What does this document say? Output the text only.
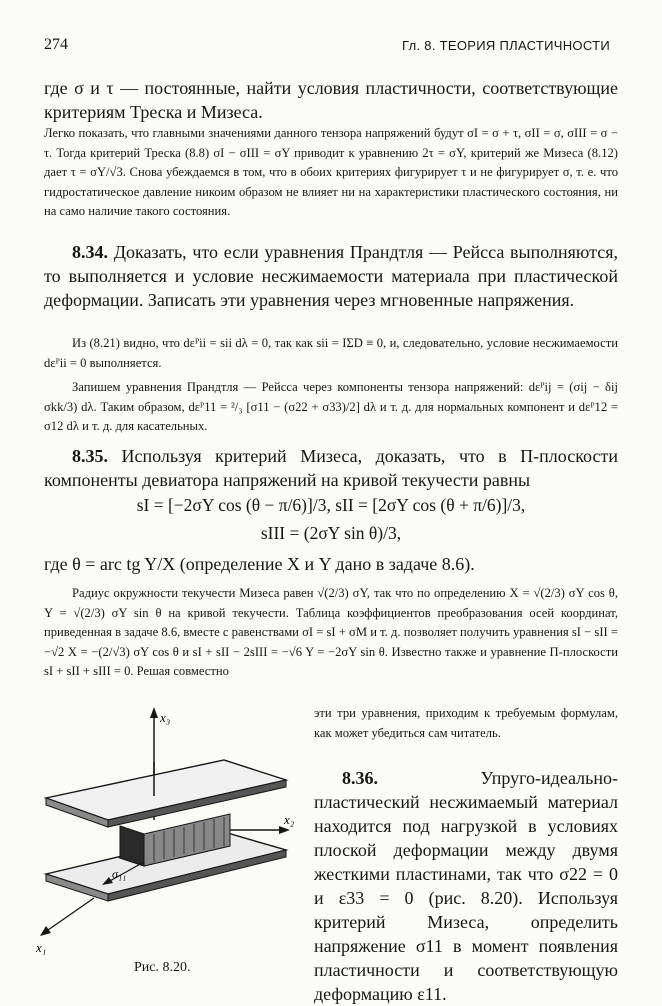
274	Гл. 8. ТЕОРИЯ ПЛАСТИЧНОСТИ

где σ и τ — постоянные, найти условия пластичности, соответствующие критериям Треска и Мизеса.

Легко показать, что главными значениями данного тензора напряжений будут σI = σ + τ, σII = σ, σIII = σ − τ. Тогда критерий Треска (8.8) σI − σIII = σY приводит к уравнению 2τ = σY, критерий же Мизеса (8.12) дает τ = σY/√3. Снова убеждаемся в том, что в обоих критериях фигурирует τ и не фигурирует σ, т. е. что гидростатическое давление никоим образом не влияет ни на характеристики пластического состояния, ни на само наличие такого состояния.

8.34. Доказать, что если уравнения Прандтля — Рейсса выполняются, то выполняется и условие несжимаемости материала при пластической деформации. Записать эти уравнения через мгновенные напряжения.

Из (8.21) видно, что dεᴾii = sii dλ = 0, так как sii = IΣD ≡ 0, и, следовательно, условие несжимаемости dεᴾii = 0 выполняется.

Запишем уравнения Прандтля — Рейсса через компоненты тензора напряжений: dεᴾij = (σij − δij σkk/3) dλ. Таким образом, dεᴾ11 = ²/₃ [σ11 − (σ22 + σ33)/2] dλ и т. д. для нормальных компонент и dεᴾ12 = σ12 dλ и т. д. для касательных.

8.35. Используя критерий Мизеса, доказать, что в Π-плоскости компоненты девиатора напряжений на кривой текучести равны

sI = [−2σY cos (θ − π/6)]/3, sII = [2σY cos (θ + π/6)]/3,

sIII = (2σY sin θ)/3,

где θ = arc tg Y/X (определение X и Y дано в задаче 8.6).

Радиус окружности текучести Мизеса равен √(2/3) σY, так что по определению X = √(2/3) σY cos θ, Y = √(2/3) σY sin θ на кривой текучести. Таблица коэффициентов преобразования осей координат, приведенная в задаче 8.6, вместе с равенствами σI = sI + σM и т. д. позволяет получить уравнения sI − sII = −√2 X = −(2/√3) σY cos θ и sI + sII − 2sIII = −√6 Y = −2σY sin θ. Известно также и уравнение Π-плоскости sI + sII + sIII = 0. Решая совместно

эти три уравнения, приходим к требуемым формулам, как может убедиться сам читатель.

8.36. Упруго-идеально-пластический несжимаемый материал находится под нагрузкой в условиях плоской деформации между двумя жесткими пластинами, так что σ22 = 0 и ε33 = 0 (рис. 8.20). Используя критерий Мизеса, определить напряжение σ11 в момент появления пластичности и соответствующую деформацию ε11.

x₃
x₂
σ₁₁
x₁
Рис. 8.20.
